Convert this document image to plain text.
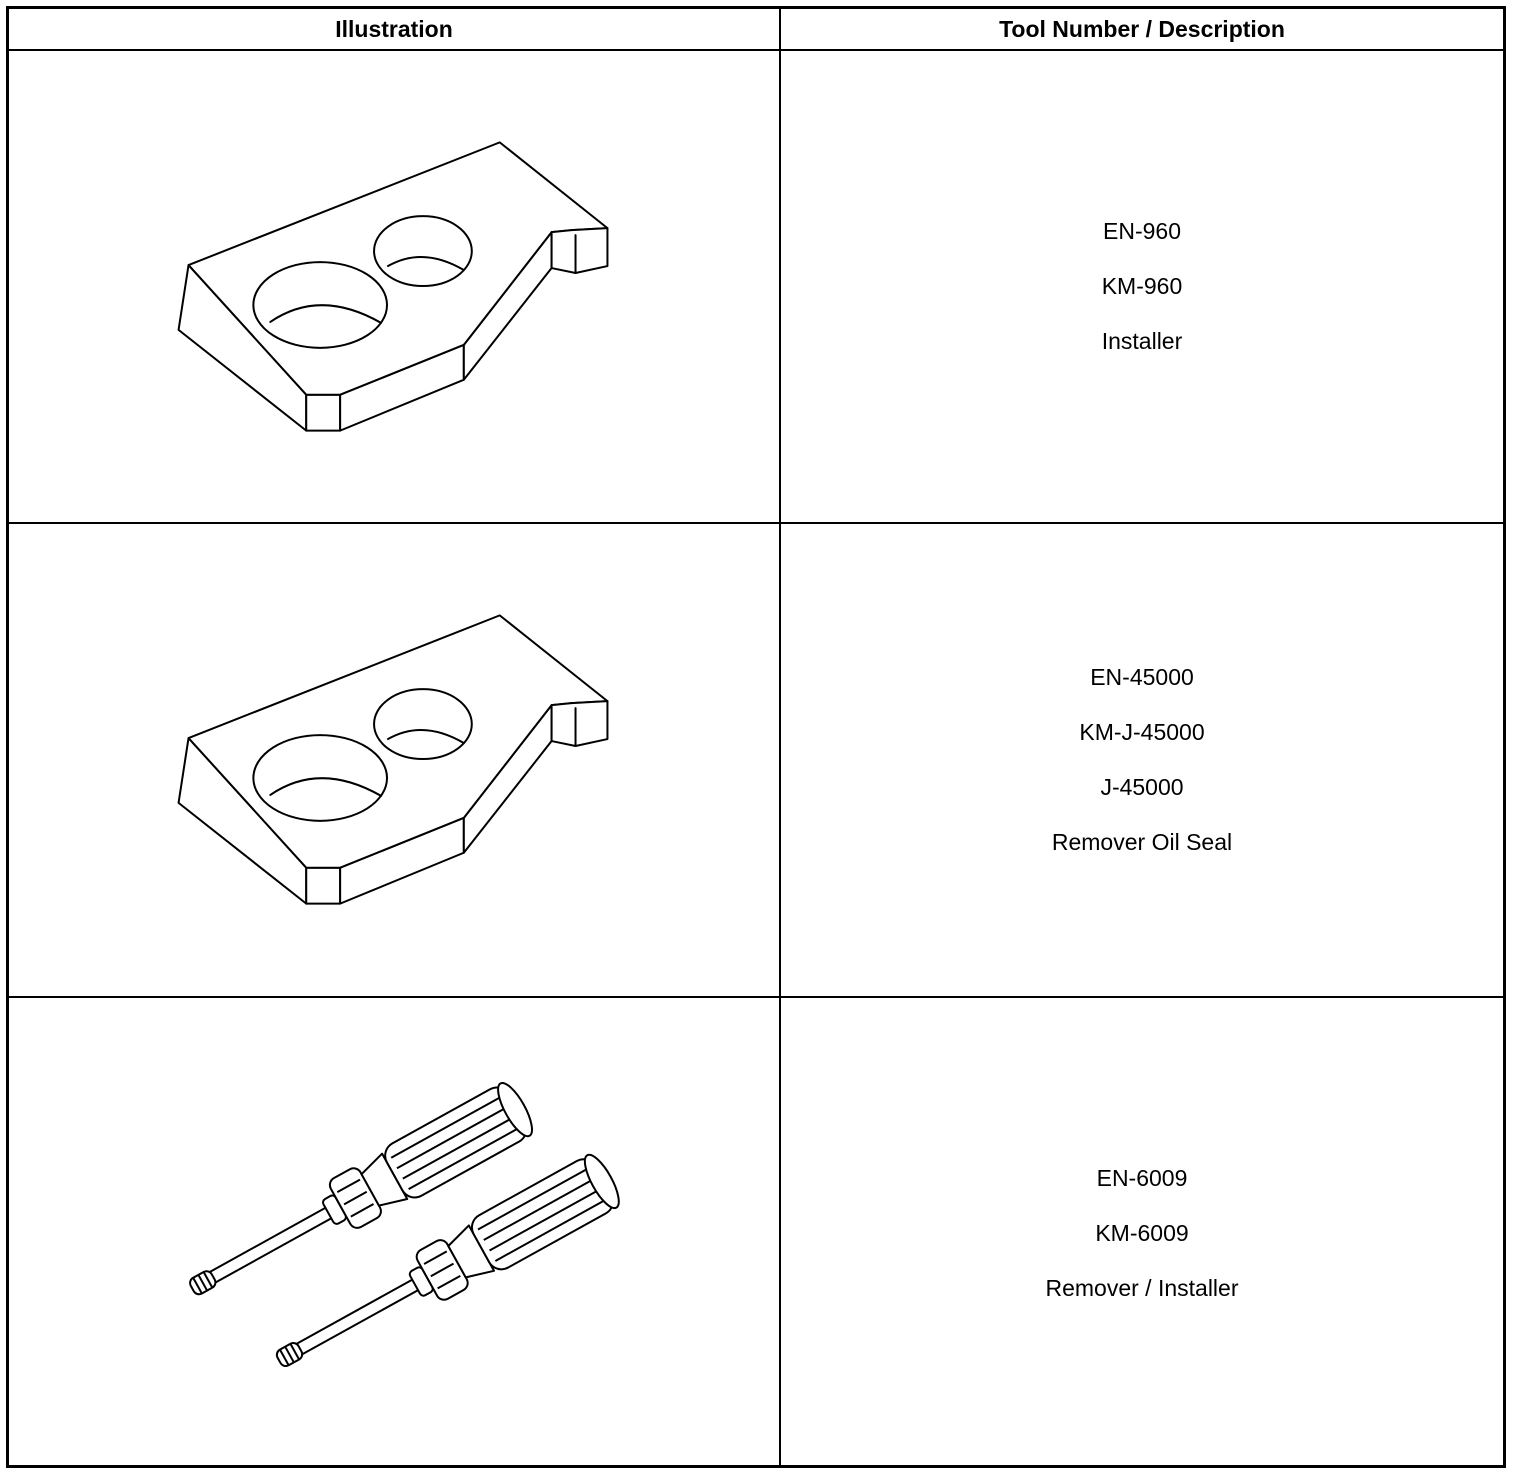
Illustration	Tool Number / Description
EN-960
KM-960
Installer
EN-45000
KM-J-45000
J-45000
Remover Oil Seal
EN-6009
KM-6009
Remover / Installer
